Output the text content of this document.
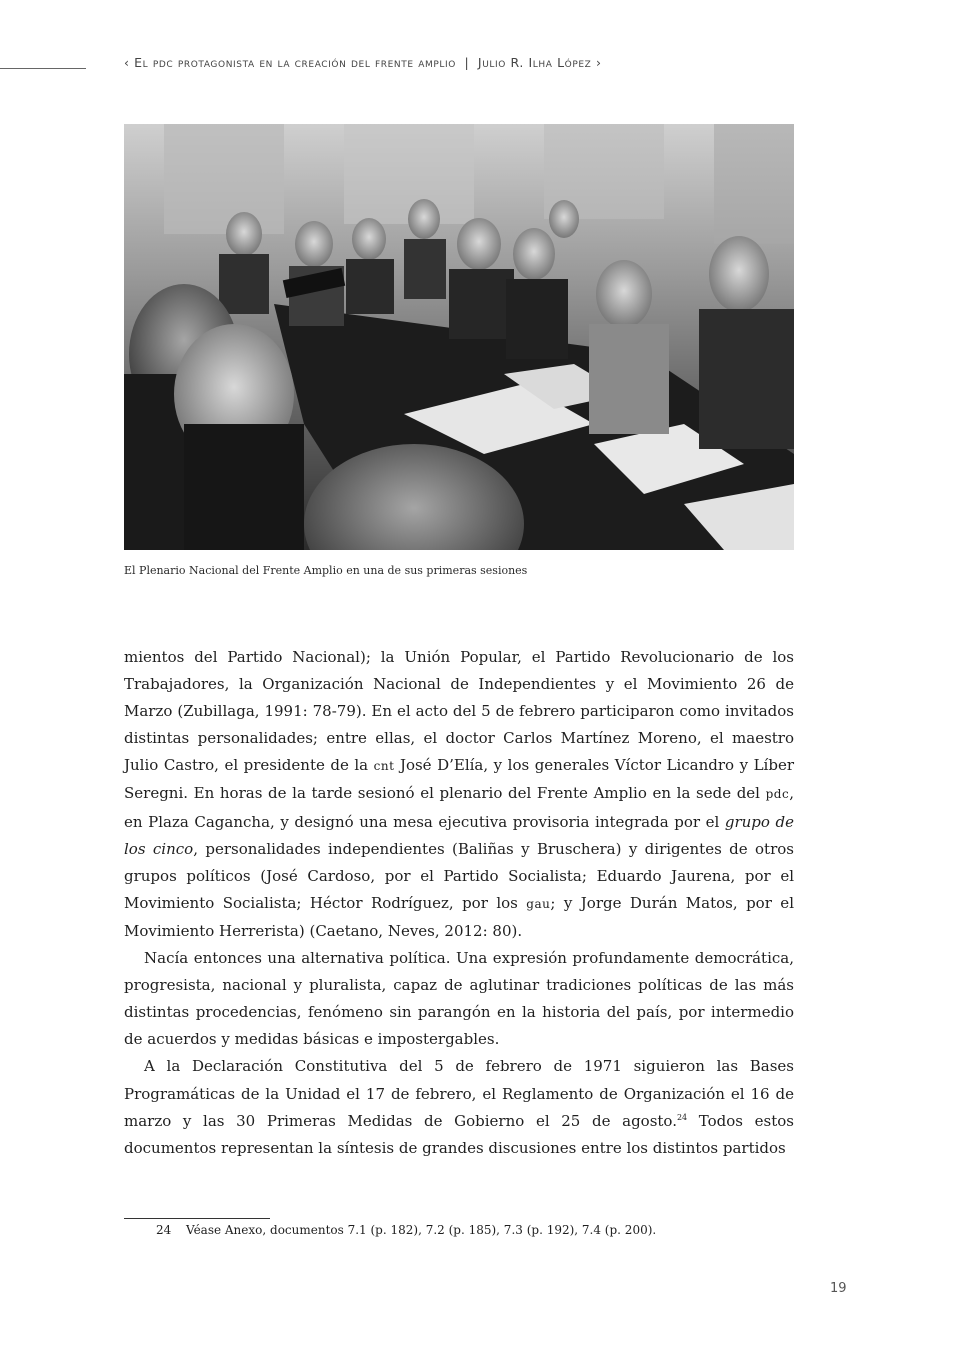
‹ El pdc protagonista en la creación del frente amplio | Julio R. Ilha López ›
El Plenario Nacional del Frente Amplio en una de sus primeras sesiones

mientos del Partido Nacional); la Unión Popular, el Partido Revolucionario de los Trabajadores, la Organización Nacional de Independientes y el Movimiento 26 de Marzo (Zubillaga, 1991: 78-79). En el acto del 5 de febrero participaron como invitados distintas personalidades; entre ellas, el doctor Carlos Martínez Moreno, el maestro Julio Castro, el presidente de la cnt José D’Elía, y los generales Víctor Licandro y Líber Seregni. En horas de la tarde sesionó el plenario del Frente Amplio en la sede del pdc, en Plaza Cagancha, y designó una mesa ejecutiva provisoria integrada por el grupo de los cinco, personalidades independientes (Baliñas y Bruschera) y dirigentes de otros grupos políticos (José Cardoso, por el Partido Socialista; Eduardo Jaurena, por el Movimiento Socialista; Héctor Rodríguez, por los gau; y Jorge Durán Matos, por el Movimiento Herrerista) (Caetano, Neves, 2012: 80).

Nacía entonces una alternativa política. Una expresión profundamente democrática, progresista, nacional y pluralista, capaz de aglutinar tradiciones políticas de las más distintas procedencias, fenómeno sin parangón en la historia del país, por intermedio de acuerdos y medidas básicas e impostergables.

A la Declaración Constitutiva del 5 de febrero de 1971 siguieron las Bases Programáticas de la Unidad el 17 de febrero, el Reglamento de Organización el 16 de marzo y las 30 Primeras Medidas de Gobierno el 25 de agosto.$^{24}$ Todos estos documentos representan la síntesis de grandes discusiones entre los distintos partidos

24 Véase Anexo, documentos 7.1 (p. 182), 7.2 (p. 185), 7.3 (p. 192), 7.4 (p. 200).
19
